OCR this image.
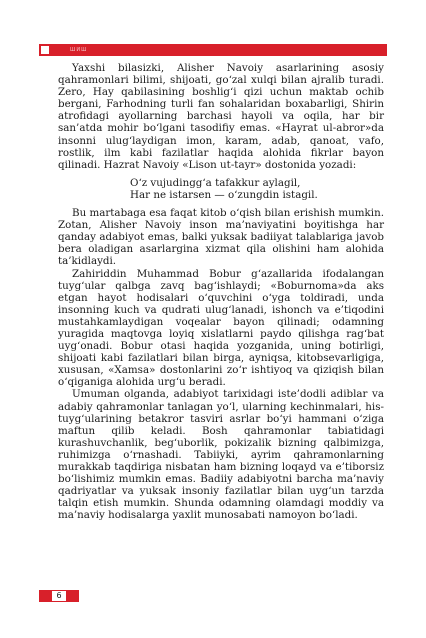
ШИШ

Yaxshi bilasizki, Alisher Navoiy asarlarining asosiy qahramonlari bilimi, shijoati, go‘zal xulqi bilan ajralib turadi. Zero, Hay qabilasining boshlig‘i qizi uchun maktab ochib bergani, Farhodning turli fan sohalaridan boxabarligi, Shirin atrofidagi ayollarning barchasi hayoli va oqila, har bir san’atda mohir bo‘lgani tasodifiy emas. «Hayrat ul-abror»da insonni ulug‘laydigan imon, karam, adab, qanoat, vafo, rostlik, ilm kabi fazilatlar haqida alohida fikrlar bayon qilinadi. Hazrat Navoiy «Lison ut-tayr» dostonida yozadi:

O‘z vujudingg‘a tafakkur aylagil,
Har ne istarsen — o‘zungdin istagil.

Bu martabaga esa faqat kitob o‘qish bilan erishish mumkin. Zotan, Alisher Navoiy inson ma’naviyatini boyitishga har qanday adabiyot emas, balki yuksak badiiyat talablariga javob bera oladigan asarlargina xizmat qila olishini ham alohida ta’kidlaydi.

Zahiriddin Muhammad Bobur g‘azallarida ifodalangan tuyg‘ular qalbga zavq bag‘ishlaydi; «Boburnoma»da aks etgan hayot hodisalari o‘quvchini o‘yga toldiradi, unda insonning kuch va qudrati ulug‘lanadi, ishonch va e’tiqodini mustahkamlaydigan voqealar bayon qilinadi; odamning yuragida maqtovga loyiq xislatlarni paydo qilishga rag‘bat uyg‘onadi. Bobur otasi haqida yozganida, uning botirligi, shijoati kabi fazilatlari bilan birga, ayniqsa, kitobsevarligiga, xususan, «Xamsa» dostonlarini zo‘r ishtiyoq va qiziqish bilan o‘qiganiga alohida urg‘u beradi.

Umuman olganda, adabiyot tarixidagi iste’dodli adiblar va adabiy qahramonlar tanlagan yo‘l, ularning kechinmalari, his-tuyg‘ularining betakror tasviri asrlar bo‘yi hammani o‘ziga maftun qilib keladi. Bosh qahramonlar tabiatidagi kurashuvchanlik, beg‘uborlik, pokizalik bizning qalbimizga, ruhimizga o‘rnashadi. Tabiiyki, ayrim qahramonlarning murakkab taqdiriga nisbatan ham bizning loqayd va e’tiborsiz bo‘lishimiz mumkin emas. Badiiy adabiyotni barcha ma’naviy qadriyatlar va yuksak insoniy fazilatlar bilan uyg‘un tarzda talqin etish mumkin. Shunda odamning olamdagi moddiy va ma’naviy hodisalarga yaxlit munosabati namoyon bo‘ladi.

6
